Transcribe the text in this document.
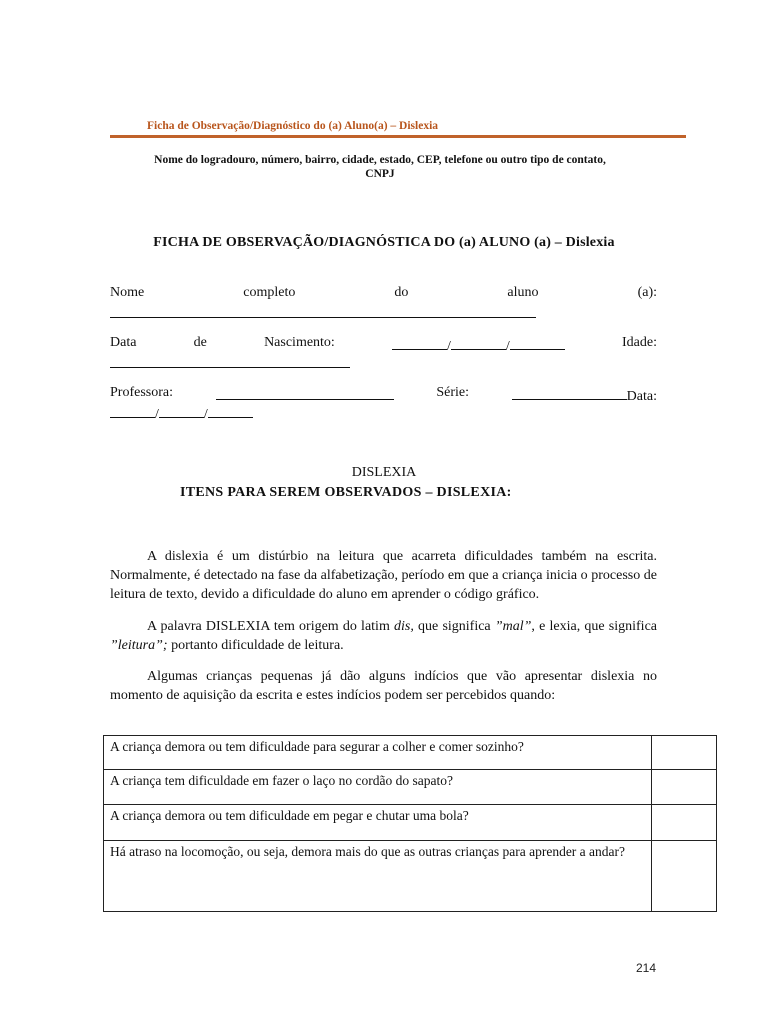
Ficha de Observação/Diagnóstico do (a) Aluno(a) – Dislexia
Nome do logradouro, número, bairro, cidade, estado, CEP, telefone ou outro tipo de contato,
CNPJ
FICHA DE OBSERVAÇÃO/DIAGNÓSTICA DO (a) ALUNO (a) – Dislexia
Nome	completo	do	aluno	(a):
Data	de	Nascimento:	/	/	Idade:
Professora:	Série:	Data:
/	/
DISLEXIA
ITENS PARA SEREM OBSERVADOS – DISLEXIA:
A dislexia é um distúrbio na leitura que acarreta dificuldades também na escrita. Normalmente, é detectado na fase da alfabetização, período em que a criança inicia o processo de leitura de texto, devido a dificuldade do aluno em aprender o código gráfico.
A palavra DISLEXIA tem origem do latim dis, que significa ”mal”, e lexia, que significa ”leitura”; portanto dificuldade de leitura.
Algumas crianças pequenas já dão alguns indícios que vão apresentar dislexia no momento de aquisição da escrita e estes indícios podem ser percebidos quando:
A criança demora ou tem dificuldade para segurar a colher e comer sozinho?	
A criança tem dificuldade em fazer o laço no cordão do sapato?	
A criança demora ou tem dificuldade em pegar e chutar uma bola?	
Há atraso na locomoção, ou seja, demora mais do que as outras crianças para aprender a andar?	
214
